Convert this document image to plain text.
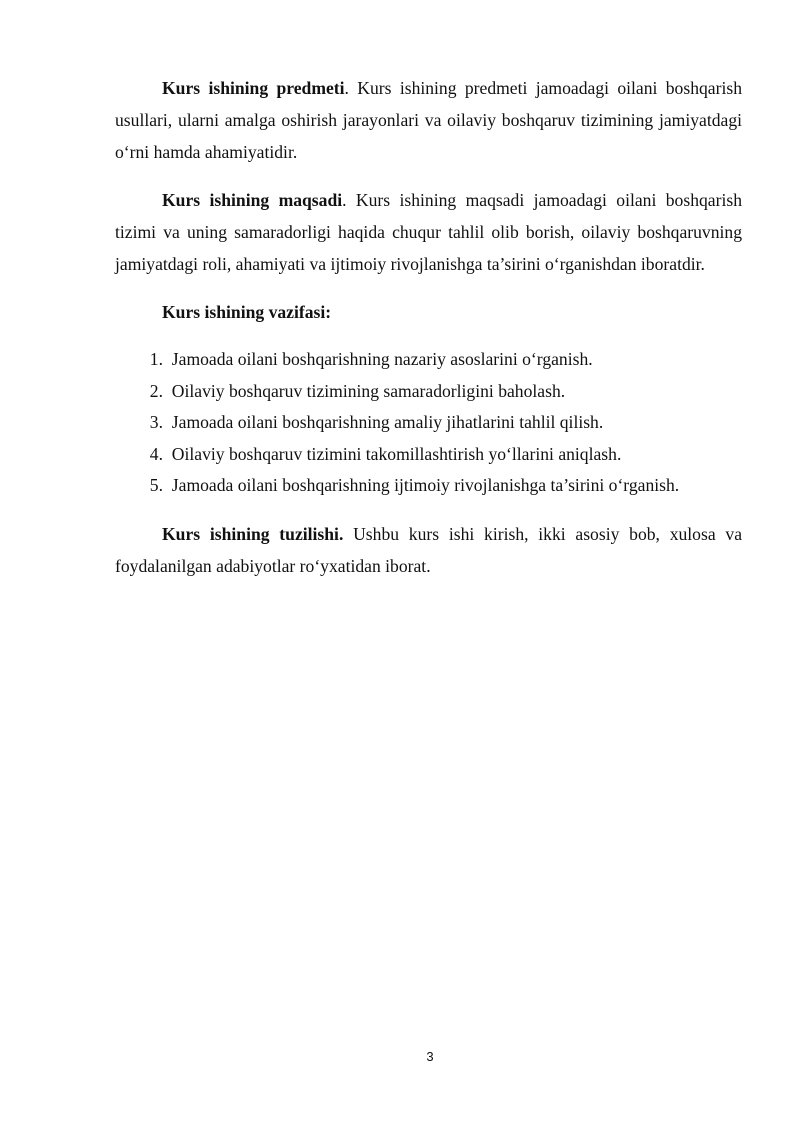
Kurs ishining predmeti. Kurs ishining predmeti jamoadagi oilani boshqarish usullari, ularni amalga oshirish jarayonlari va oilaviy boshqaruv tizimining jamiyatdagi o‘rni hamda ahamiyatidir.

Kurs ishining maqsadi. Kurs ishining maqsadi jamoadagi oilani boshqarish tizimi va uning samaradorligi haqida chuqur tahlil olib borish, oilaviy boshqaruvning jamiyatdagi roli, ahamiyati va ijtimoiy rivojlanishga ta’sirini o‘rganishdan iboratdir.

Kurs ishining vazifasi:

1.
Jamoada oilani boshqarishning nazariy asoslarini o‘rganish.
2.
Oilaviy boshqaruv tizimining samaradorligini baholash.
3.
Jamoada oilani boshqarishning amaliy jihatlarini tahlil qilish.
4.
Oilaviy boshqaruv tizimini takomillashtirish yo‘llarini aniqlash.
5.
Jamoada oilani boshqarishning ijtimoiy rivojlanishga ta’sirini o‘rganish.

Kurs ishining tuzilishi. Ushbu kurs ishi kirish, ikki asosiy bob, xulosa va foydalanilgan adabiyotlar ro‘yxatidan iborat.

3
